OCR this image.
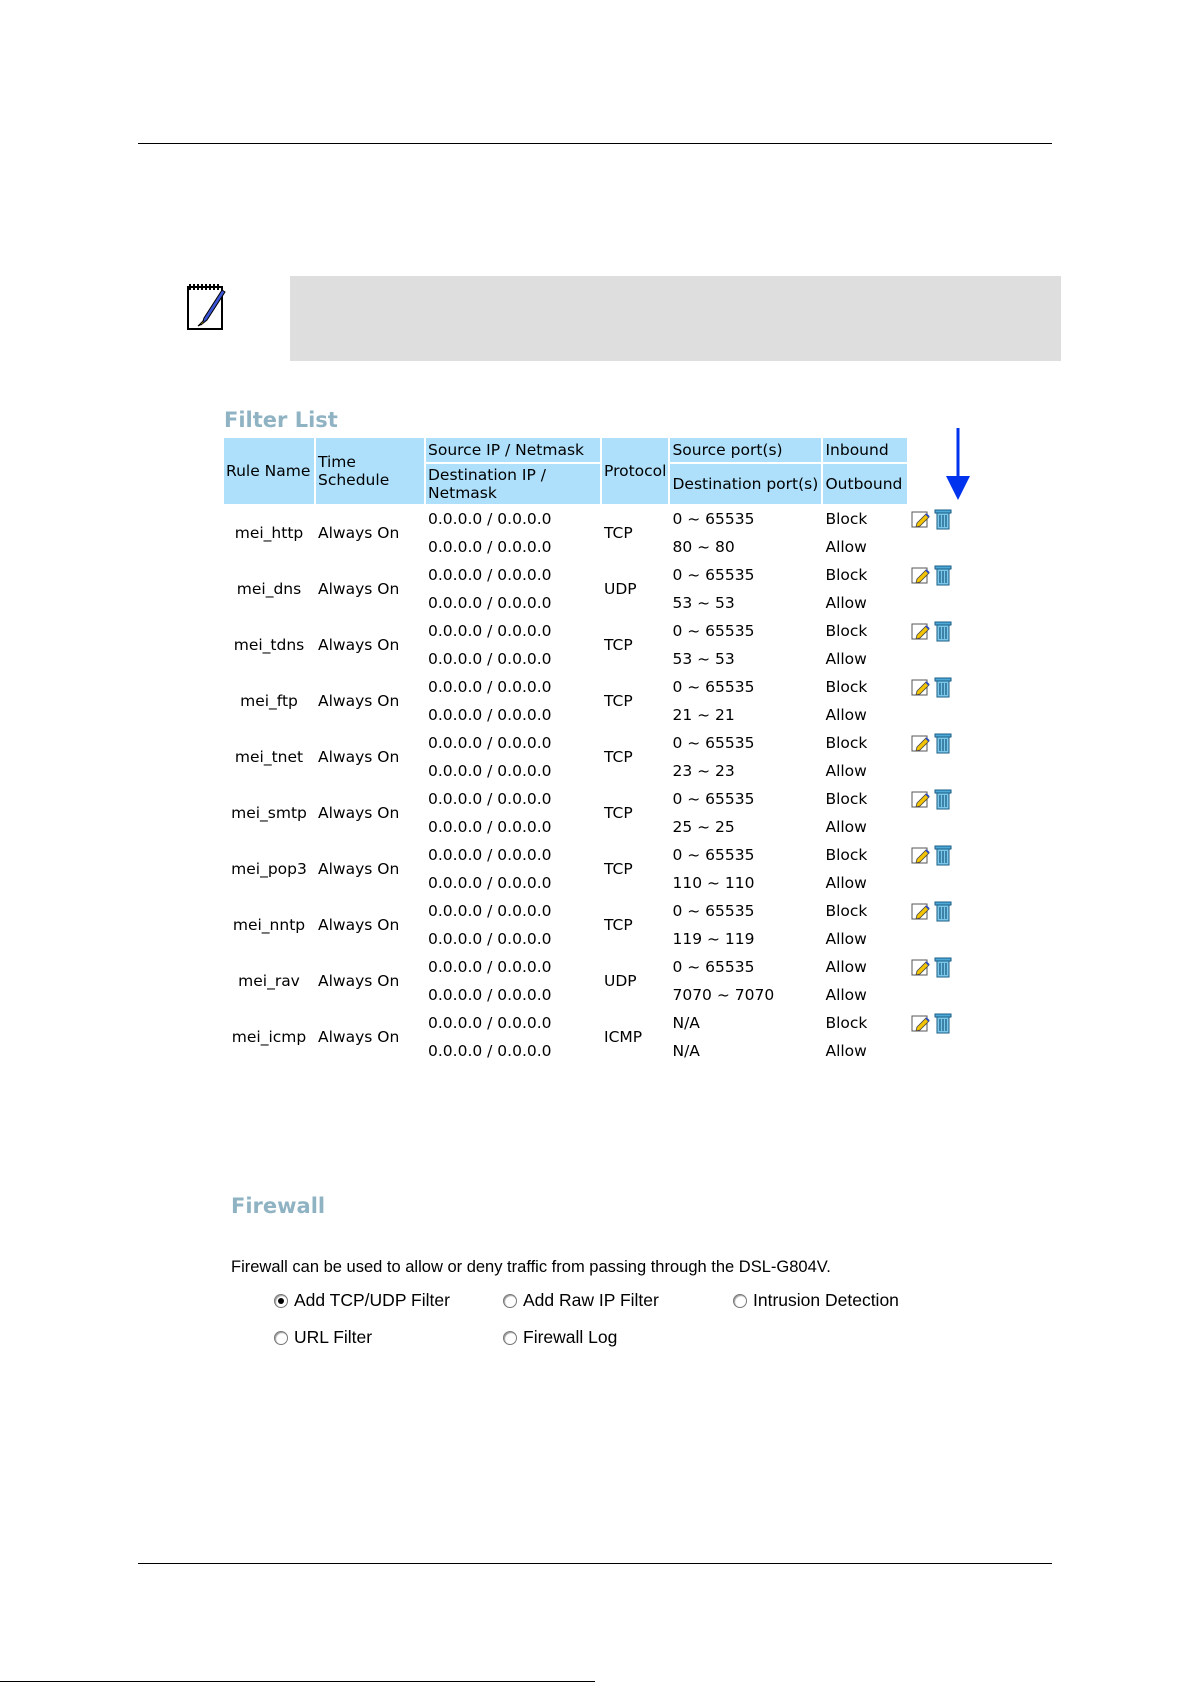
Filter List
Rule Name	Time Schedule	Source IP / Netmask	Protocol	Source port(s)	Inbound	
		Destination IP / Netmask		Destination port(s)	Outbound	
mei_http	Always On	0.0.0.0 / 0.0.0.0	TCP	0 ~ 65535	Block	
		0.0.0.0 / 0.0.0.0		80 ~ 80	Allow	
mei_dns	Always On	0.0.0.0 / 0.0.0.0	UDP	0 ~ 65535	Block	
		0.0.0.0 / 0.0.0.0		53 ~ 53	Allow	
mei_tdns	Always On	0.0.0.0 / 0.0.0.0	TCP	0 ~ 65535	Block	
		0.0.0.0 / 0.0.0.0		53 ~ 53	Allow	
mei_ftp	Always On	0.0.0.0 / 0.0.0.0	TCP	0 ~ 65535	Block	
		0.0.0.0 / 0.0.0.0		21 ~ 21	Allow	
mei_tnet	Always On	0.0.0.0 / 0.0.0.0	TCP	0 ~ 65535	Block	
		0.0.0.0 / 0.0.0.0		23 ~ 23	Allow	
mei_smtp	Always On	0.0.0.0 / 0.0.0.0	TCP	0 ~ 65535	Block	
		0.0.0.0 / 0.0.0.0		25 ~ 25	Allow	
mei_pop3	Always On	0.0.0.0 / 0.0.0.0	TCP	0 ~ 65535	Block	
		0.0.0.0 / 0.0.0.0		110 ~ 110	Allow	
mei_nntp	Always On	0.0.0.0 / 0.0.0.0	TCP	0 ~ 65535	Block	
		0.0.0.0 / 0.0.0.0		119 ~ 119	Allow	
mei_rav	Always On	0.0.0.0 / 0.0.0.0	UDP	0 ~ 65535	Allow	
		0.0.0.0 / 0.0.0.0		7070 ~ 7070	Allow	
mei_icmp	Always On	0.0.0.0 / 0.0.0.0	ICMP	N/A	Block	
		0.0.0.0 / 0.0.0.0		N/A	Allow	
Firewall
Firewall can be used to allow or deny traffic from passing through the DSL-G804V.
Add TCP/UDP Filter	Add Raw IP Filter	Intrusion Detection
URL Filter	Firewall Log
